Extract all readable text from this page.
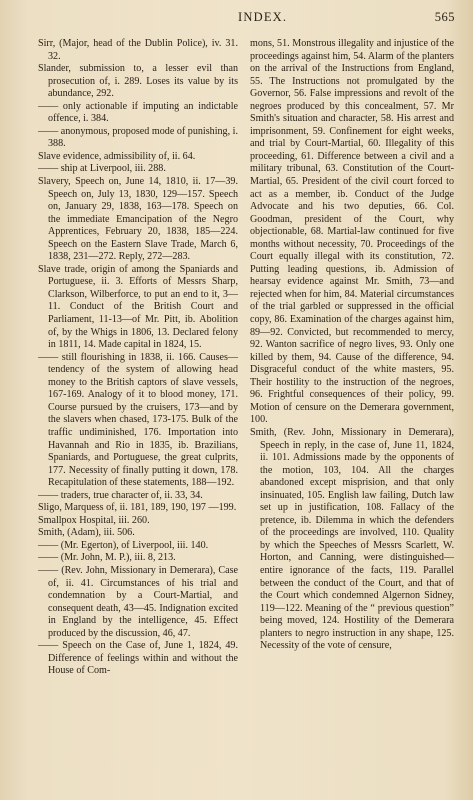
INDEX.	565

Sirr, (Major, head of the Dublin Police), iv. 31. 32.

Slander, submission to, a lesser evil than prosecution of, i. 289. Loses its value by its abundance, 292.

—— only actionable if imputing an indictable offence, i. 384.

—— anonymous, proposed mode of punishing, i. 388.

Slave evidence, admissibility of, ii. 64.

—— ship at Liverpool, iii. 288.

Slavery, Speech on, June 14, 1810, ii. 17—39. Speech on, July 13, 1830, 129—157. Speech on, January 29, 1838, 163—178. Speech on the immediate Emancipation of the Negro Apprentices, February 20, 1838, 185—224. Speech on the Eastern Slave Trade, March 6, 1838, 231—272. Reply, 272—283.

Slave trade, origin of among the Spaniards and Portuguese, ii. 3. Efforts of Messrs Sharp, Clarkson, Wilberforce, to put an end to it, 3—11. Conduct of the British Court and Parliament, 11-13—of Mr. Pitt, ib. Abolition of, by the Whigs in 1806, 13. Declared felony in 1811, 14. Made capital in 1824, 15.

—— still flourishing in 1838, ii. 166. Causes—tendency of the system of allowing head money to the British captors of slave vessels, 167-169. Analogy of it to blood money, 171. Course pursued by the cruisers, 173—and by the slavers when chased, 173-175. Bulk of the traffic undiminished, 176. Importation into Havannah and Rio in 1835, ib. Brazilians, Spaniards, and Portuguese, the great culprits, 177. Necessity of finally putting it down, 178. Recapitulation of these statements, 188—192.

—— traders, true character of, ii. 33, 34.

Sligo, Marquess of, ii. 181, 189, 190, 197 —199.

Smallpox Hospital, iii. 260.

Smith, (Adam), iii. 506.

—— (Mr. Egerton), of Liverpool, iii. 140.

—— (Mr. John, M. P.), iii. 8, 213.

—— (Rev. John, Missionary in Demerara), Case of, ii. 41. Circumstances of his trial and condemnation by a Court-Martial, and consequent death, 43—45. Indignation excited in England by the intelligence, 45. Effect produced by the discussion, 46, 47.

—— Speech on the Case of, June 1, 1824, 49. Difference of feelings within and without the House of Com-

mons, 51. Monstrous illegality and injustice of the proceedings against him, 54. Alarm of the planters on the arrival of the Instructions from England, 55. The Instructions not promulgated by the Governor, 56. False impressions and revolt of the negroes produced by this concealment, 57. Mr Smith's situation and character, 58. His arrest and imprisonment, 59. Confinement for eight weeks, and trial by Court-Martial, 60. Illegality of this proceeding, 61. Difference between a civil and a military tribunal, 63. Constitution of the Court-Martial, 65. President of the civil court forced to act as a member, ib. Conduct of the Judge Advocate and his two deputies, 66. Col. Goodman, president of the Court, why objectionable, 68. Martial-law continued for five months without necessity, 70. Proceedings of the Court equally illegal with its constitution, 72. Putting leading questions, ib. Admission of hearsay evidence against Mr. Smith, 73—and rejected when for him, 84. Material circumstances of the trial garbled or suppressed in the official copy, 86. Examination of the charges against him, 89—92. Convicted, but recommended to mercy, 92. Wanton sacrifice of negro lives, 93. Only one killed by them, 94. Cause of the difference, 94. Disgraceful conduct of the white masters, 95. Their hostility to the instruction of the negroes, 96. Frightful consequences of their policy, 99. Motion of censure on the Demerara government, 100.

Smith, (Rev. John, Missionary in Demerara), Speech in reply, in the case of, June 11, 1824, ii. 101. Admissions made by the opponents of the motion, 103, 104. All the charges abandoned except misprision, and that only insinuated, 105. English law failing, Dutch law set up in justification, 108. Fallacy of the pretence, ib. Dilemma in which the defenders of the proceedings are involved, 110. Quality by which the Speeches of Messrs Scarlett, W. Horton, and Canning, were distinguished—entire ignorance of the facts, 119. Parallel between the conduct of the Court, and that of the Court which condemned Algernon Sidney, 119—122. Meaning of the “ previous question” being moved, 124. Hostility of the Demerara planters to negro instruction in any shape, 125. Necessity of the vote of censure,
